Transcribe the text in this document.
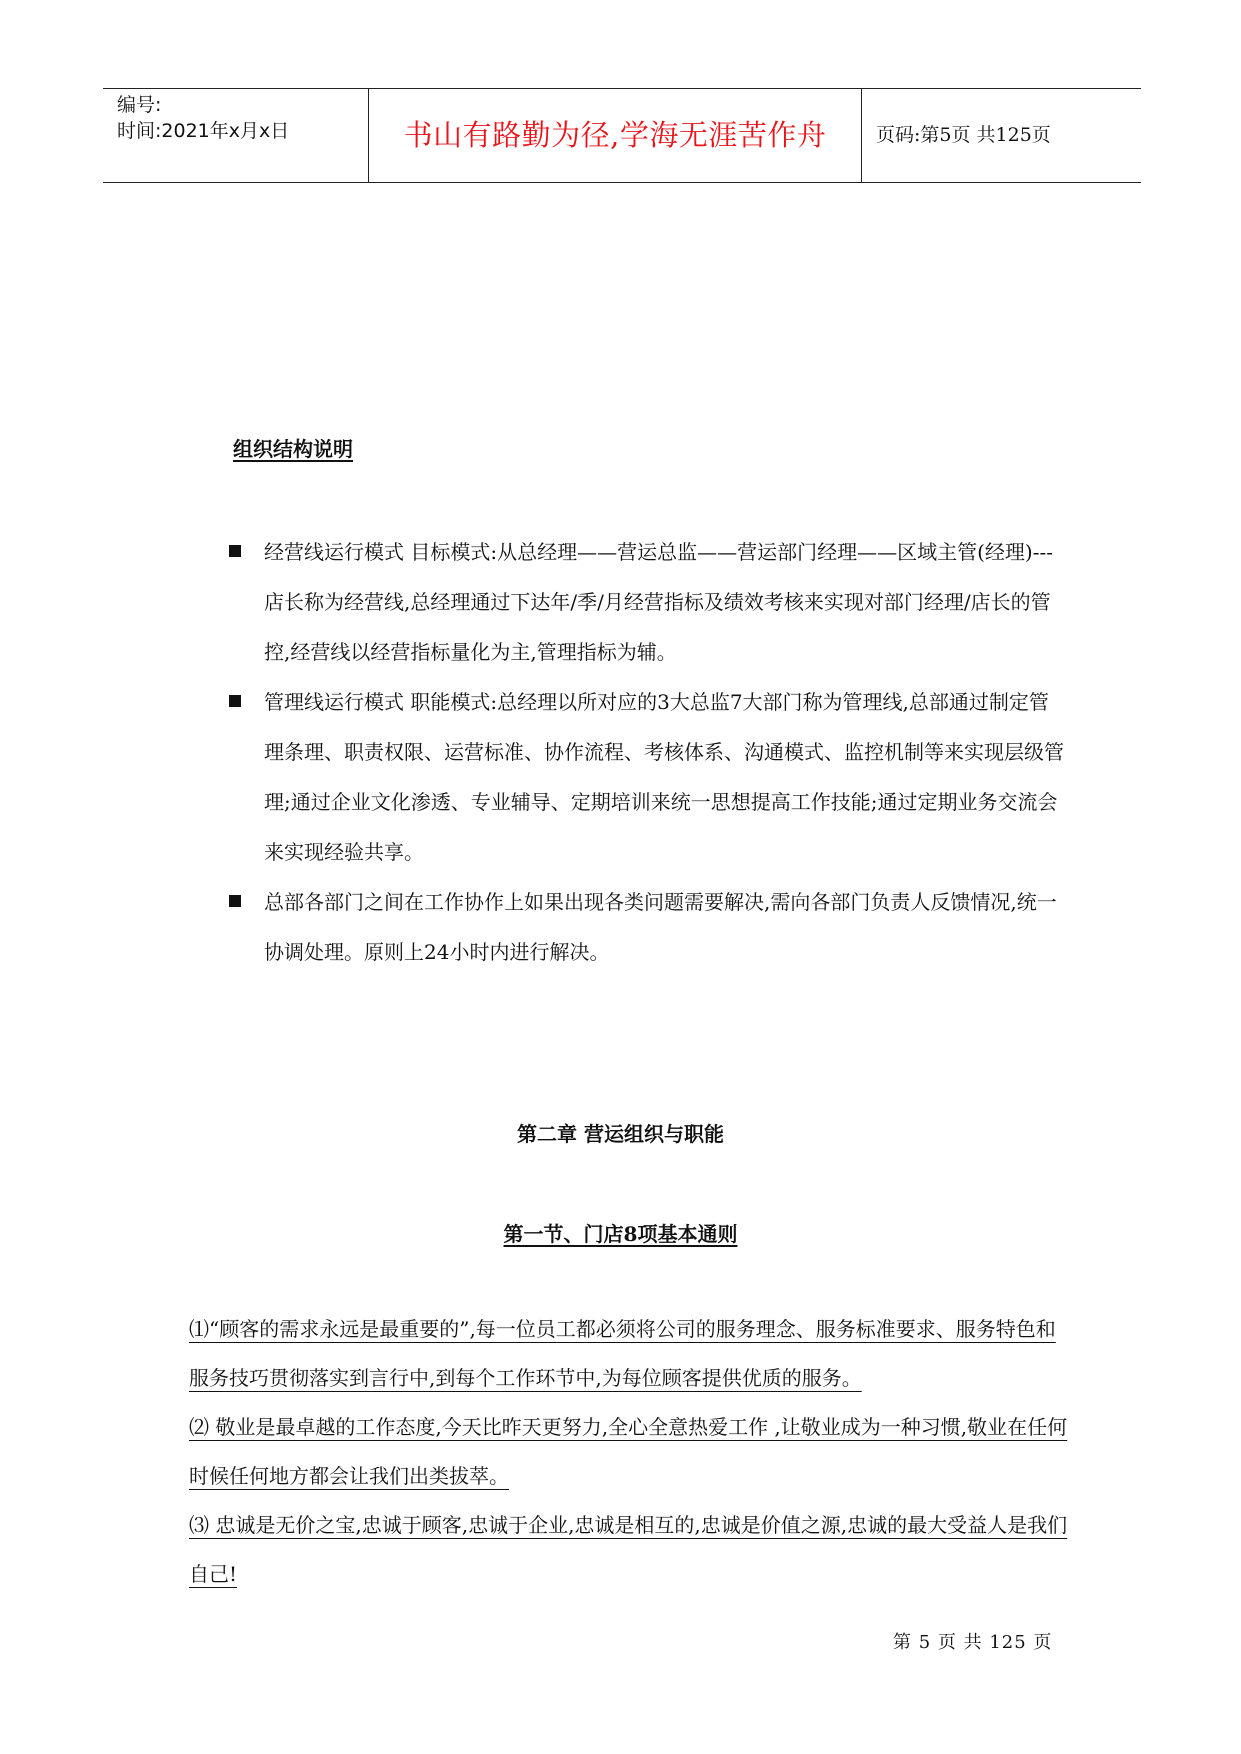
编号:
时间:2021年x月x日	书山有路勤为径,学海无涯苦作舟	页码:第5页 共125页
组织结构说明
经营线运行模式 目标模式:从总经理——营运总监——营运部门经理——区域主管(经理)---店长称为经营线,总经理通过下达年/季/月经营指标及绩效考核来实现对部门经理/店长的管控,经营线以经营指标量化为主,管理指标为辅。
管理线运行模式 职能模式:总经理以所对应的3大总监7大部门称为管理线,总部通过制定管理条理、职责权限、运营标准、协作流程、考核体系、沟通模式、监控机制等来实现层级管理;通过企业文化渗透、专业辅导、定期培训来统一思想提高工作技能;通过定期业务交流会来实现经验共享。
总部各部门之间在工作协作上如果出现各类问题需要解决,需向各部门负责人反馈情况,统一协调处理。原则上24小时内进行解决。
第二章 营运组织与职能
第一节、门店8项基本通则
⑴“顾客的需求永远是最重要的”,每一位员工都必须将公司的服务理念、服务标准要求、服务特色和服务技巧贯彻落实到言行中,到每个工作环节中,为每位顾客提供优质的服务。
⑵ 敬业是最卓越的工作态度,今天比昨天更努力,全心全意热爱工作 ,让敬业成为一种习惯,敬业在任何时候任何地方都会让我们出类拔萃。
⑶ 忠诚是无价之宝,忠诚于顾客,忠诚于企业,忠诚是相互的,忠诚是价值之源,忠诚的最大受益人是我们自己!
第 5 页 共 125 页
